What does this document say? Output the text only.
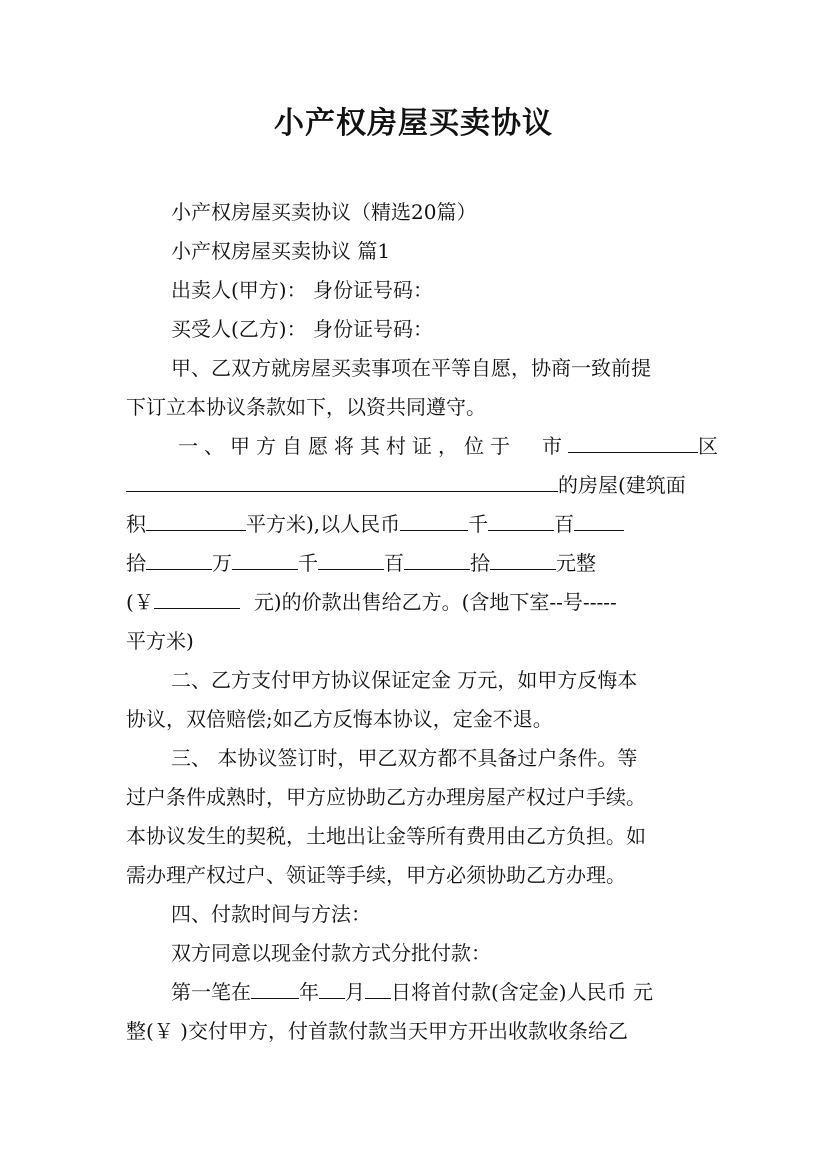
小产权房屋买卖协议
小产权房屋买卖协议（精选20篇）
小产权房屋买卖协议 篇1
出卖人(甲方)： 身份证号码：
买受人(乙方)： 身份证号码：
甲、乙双方就房屋买卖事项在平等自愿，协商一致前提
下订立本协议条款如下，以资共同遵守。
一、甲方自愿将其村证，位于　市	区
的房屋(建筑面
积	平方米),以人民币	千	百
拾	万	千	百	拾	元整
(￥	元)的价款出售给乙方。(含地下室--号-----
平方米)
二、乙方支付甲方协议保证定金 万元，如甲方反悔本
协议，双倍赔偿;如乙方反悔本协议，定金不退。
三、 本协议签订时，甲乙双方都不具备过户条件。等
过户条件成熟时，甲方应协助乙方办理房屋产权过户手续。
本协议发生的契税，土地出让金等所有费用由乙方负担。如
需办理产权过户、领证等手续，甲方必须协助乙方办理。
四、付款时间与方法：
双方同意以现金付款方式分批付款：
第一笔在 年 月 日将首付款(含定金)人民币 元
整(￥ )交付甲方，付首款付款当天甲方开出收款收条给乙
